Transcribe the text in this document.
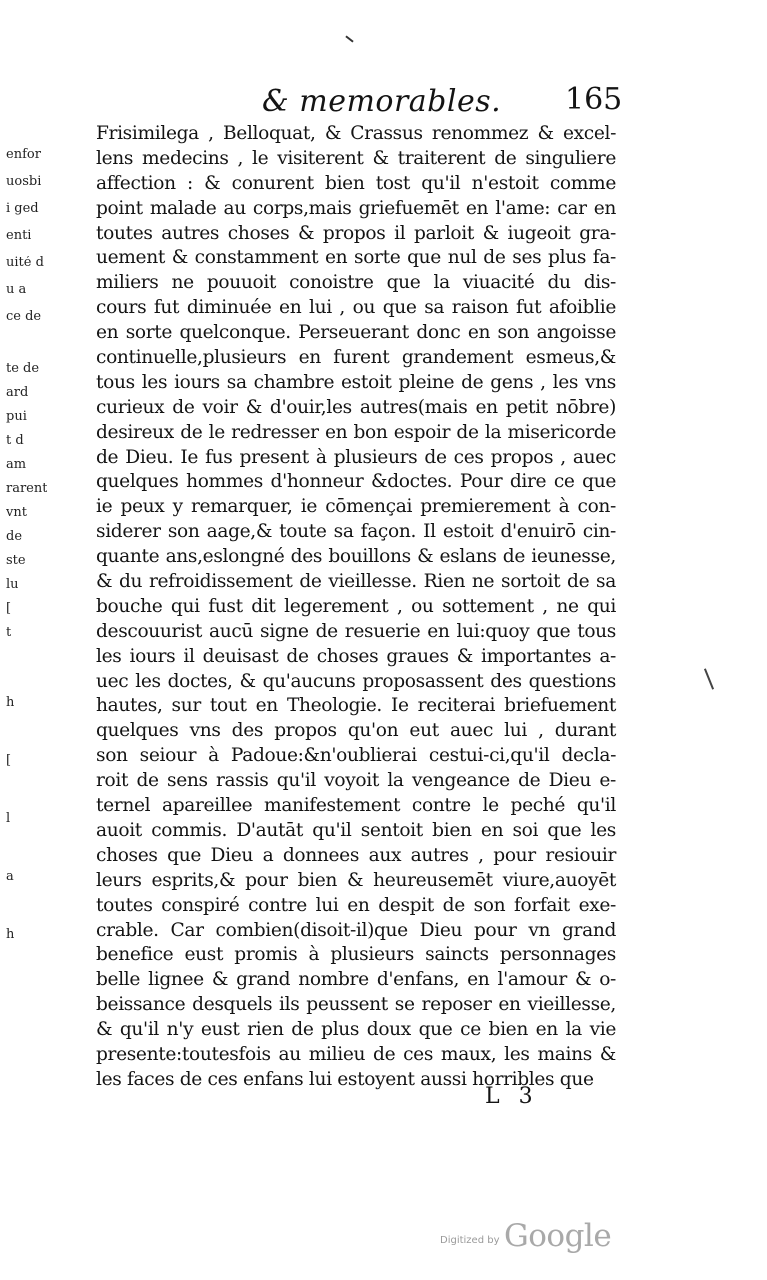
& memorables. 165
enfor
uosbi
i ged
enti
uité d
u a
ce de
te de
ard
pui
t d
am
rarent
vnt
de
ste
lu
[
t
h
[
l
a
h
Frisimilega , Belloquat, & Crassus renommez & excel-
lens medecins , le visiterent & traiterent de singuliere
affection : & conurent bien tost qu'il n'estoit comme
point malade au corps,mais griefuemēt en l'ame: car en
toutes autres choses & propos il parloit & iugeoit gra-
uement & constamment en sorte que nul de ses plus fa-
miliers ne pouuoit conoistre que la viuacité du dis-
cours fut diminuée en lui , ou que sa raison fut afoiblie
en sorte quelconque. Perseuerant donc en son angoisse
continuelle,plusieurs en furent grandement esmeus,&
tous les iours sa chambre estoit pleine de gens , les vns
curieux de voir & d'ouir,les autres(mais en petit nōbre)
desireux de le redresser en bon espoir de la misericorde
de Dieu. Ie fus present à plusieurs de ces propos , auec
quelques hommes d'honneur &doctes. Pour dire ce que
ie peux y remarquer, ie cōmençai premierement à con-
siderer son aage,& toute sa façon. Il estoit d'enuirō cin-
quante ans,eslongné des bouillons & eslans de ieunesse,
& du refroidissement de vieillesse. Rien ne sortoit de sa
bouche qui fust dit legerement , ou sottement , ne qui
descouurist aucū signe de resuerie en lui:quoy que tous
les iours il deuisast de choses graues & importantes a-
uec les doctes, & qu'aucuns proposassent des questions
hautes, sur tout en Theologie. Ie reciterai briefuement
quelques vns des propos qu'on eut auec lui , durant
son seiour à Padoue:&n'oublierai cestui-ci,qu'il decla-
roit de sens rassis qu'il voyoit la vengeance de Dieu e-
ternel apareillee manifestement contre le peché qu'il
auoit commis. D'autāt qu'il sentoit bien en soi que les
choses que Dieu a donnees aux autres , pour resiouir
leurs esprits,& pour bien & heureusemēt viure,auoyēt
toutes conspiré contre lui en despit de son forfait exe-
crable. Car combien(disoit-il)que Dieu pour vn grand
benefice eust promis à plusieurs saincts personnages
belle lignee & grand nombre d'enfans, en l'amour & o-
beissance desquels ils peussent se reposer en vieillesse,
& qu'il n'y eust rien de plus doux que ce bien en la vie
presente:toutesfois au milieu de ces maux, les mains &
les faces de ces enfans lui estoyent aussi horribles que
L 3
Digitized by Google
